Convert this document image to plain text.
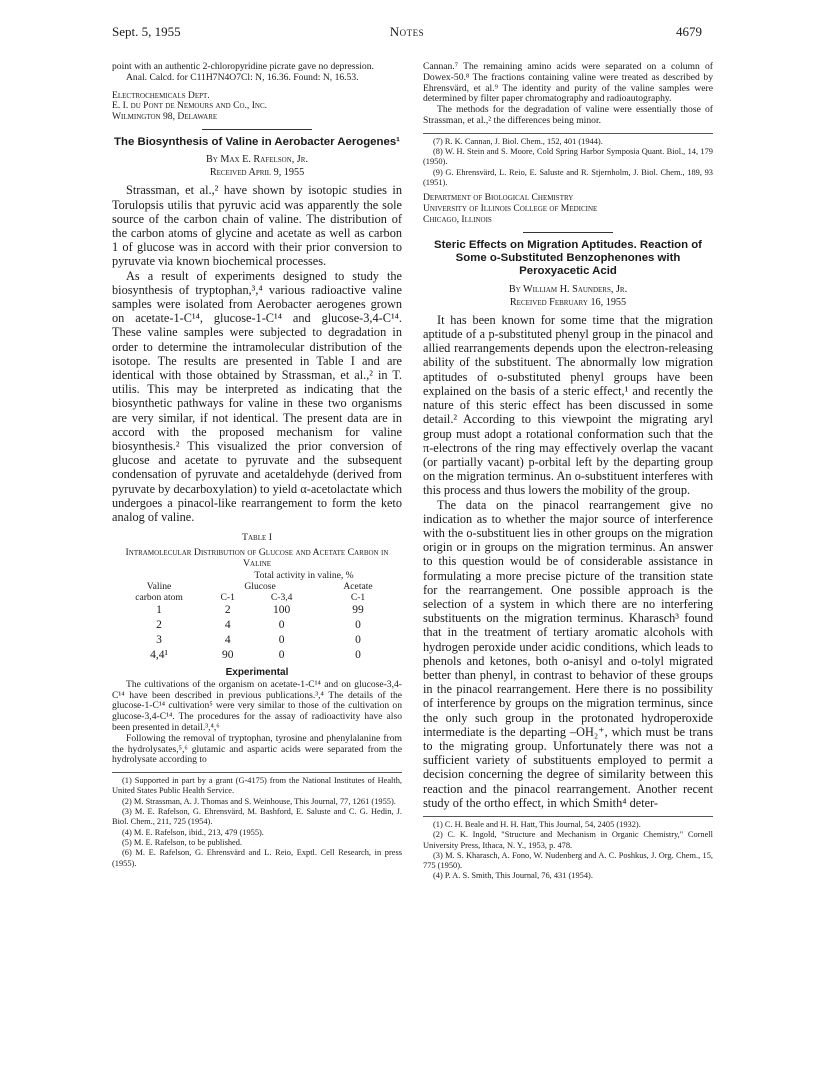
Sept. 5, 1955	Notes	4679

point with an authentic 2-chloropyridine picrate gave no depression.

Anal. Calcd. for C11H7N4O7Cl: N, 16.36. Found: N, 16.53.

Electrochemicals Dept.
E. I. du Pont de Nemours and Co., Inc.
Wilmington 98, Delaware
The Biosynthesis of Valine in Aerobacter Aerogenes¹
By Max E. Rafelson, Jr.
Received April 9, 1955

Strassman, et al.,² have shown by isotopic studies in Torulopsis utilis that pyruvic acid was apparently the sole source of the carbon chain of valine. The distribution of the carbon atoms of glycine and acetate as well as carbon 1 of glucose was in accord with their prior conversion to pyruvate via known biochemical processes.

As a result of experiments designed to study the biosynthesis of tryptophan,³,⁴ various radioactive valine samples were isolated from Aerobacter aerogenes grown on acetate-1-C¹⁴, glucose-1-C¹⁴ and glucose-3,4-C¹⁴. These valine samples were subjected to degradation in order to determine the intramolecular distribution of the isotope. The results are presented in Table I and are identical with those obtained by Strassman, et al.,² in T. utilis. This may be interpreted as indicating that the biosynthetic pathways for valine in these two organisms are very similar, if not identical. The present data are in accord with the proposed mechanism for valine biosynthesis.² This visualized the prior conversion of glucose and acetate to pyruvate and the subsequent condensation of pyruvate and acetaldehyde (derived from pyruvate by decarboxylation) to yield α-acetolactate which undergoes a pinacol-like rearrangement to form the keto analog of valine.

Table I
Intramolecular Distribution of Glucose and Acetate Carbon in Valine
	Total activity in valine, %		
Valine	Glucose		Acetate
carbon atom	C-1	C-3,4	C-1
1	2	100	99
2	4	0	0
3	4	0	0
4,4¹	90	0	0
Experimental

The cultivations of the organism on acetate-1-C¹⁴ and on glucose-3,4-C¹⁴ have been described in previous publications.³,⁴ The details of the glucose-1-C¹⁴ cultivation⁵ were very similar to those of the cultivation on glucose-3,4-C¹⁴. The procedures for the assay of radioactivity have also been presented in detail.³,⁴,⁶

Following the removal of tryptophan, tyrosine and phenylalanine from the hydrolysates,⁵,⁶ glutamic and aspartic acids were separated from the hydrolysate according to

(1) Supported in part by a grant (G-4175) from the National Institutes of Health, United States Public Health Service.

(2) M. Strassman, A. J. Thomas and S. Weinhouse, This Journal, 77, 1261 (1955).

(3) M. E. Rafelson, G. Ehrensvärd, M. Bashford, E. Saluste and C. G. Hedin, J. Biol. Chem., 211, 725 (1954).

(4) M. E. Rafelson, ibid., 213, 479 (1955).

(5) M. E. Rafelson, to be published.

(6) M. E. Rafelson, G. Ehrensvärd and L. Reio, Exptl. Cell Research, in press (1955).

Cannan.⁷ The remaining amino acids were separated on a column of Dowex-50.⁸ The fractions containing valine were treated as described by Ehrensvärd, et al.⁹ The identity and purity of the valine samples were determined by filter paper chromatography and radioautography.

The methods for the degradation of valine were essentially those of Strassman, et al.,² the differences being minor.

(7) R. K. Cannan, J. Biol. Chem., 152, 401 (1944).

(8) W. H. Stein and S. Moore, Cold Spring Harbor Symposia Quant. Biol., 14, 179 (1950).

(9) G. Ehrensvärd, L. Reio, E. Saluste and R. Stjernholm, J. Biol. Chem., 189, 93 (1951).

Department of Biological Chemistry
University of Illinois College of Medicine
Chicago, Illinois
Steric Effects on Migration Aptitudes. Reaction of Some o-Substituted Benzophenones with Peroxyacetic Acid
By William H. Saunders, Jr.
Received February 16, 1955

It has been known for some time that the migration aptitude of a p-substituted phenyl group in the pinacol and allied rearrangements depends upon the electron-releasing ability of the substituent. The abnormally low migration aptitudes of o-substituted phenyl groups have been explained on the basis of a steric effect,¹ and recently the nature of this steric effect has been discussed in some detail.² According to this viewpoint the migrating aryl group must adopt a rotational conformation such that the π-electrons of the ring may effectively overlap the vacant (or partially vacant) p-orbital left by the departing group on the migration terminus. An o-substituent interferes with this process and thus lowers the mobility of the group.

The data on the pinacol rearrangement give no indication as to whether the major source of interference with the o-substituent lies in other groups on the migration origin or in groups on the migration terminus. An answer to this question would be of considerable assistance in formulating a more precise picture of the transition state for the rearrangement. One possible approach is the selection of a system in which there are no interfering substituents on the migration terminus. Kharasch³ found that in the treatment of tertiary aromatic alcohols with hydrogen peroxide under acidic conditions, which leads to phenols and ketones, both o-anisyl and o-tolyl migrated better than phenyl, in contrast to behavior of these groups in the pinacol rearrangement. Here there is no possibility of interference by groups on the migration terminus, since the only such group in the protonated hydroperoxide intermediate is the departing –OH₂⁺, which must be trans to the migrating group. Unfortunately there was not a sufficient variety of substituents employed to permit a decision concerning the degree of similarity between this reaction and the pinacol rearrangement. Another recent study of the ortho effect, in which Smith⁴ deter-

(1) C. H. Beale and H. H. Hatt, This Journal, 54, 2405 (1932).

(2) C. K. Ingold, "Structure and Mechanism in Organic Chemistry," Cornell University Press, Ithaca, N. Y., 1953, p. 478.

(3) M. S. Kharasch, A. Fono, W. Nudenberg and A. C. Poshkus, J. Org. Chem., 15, 775 (1950).

(4) P. A. S. Smith, This Journal, 76, 431 (1954).
